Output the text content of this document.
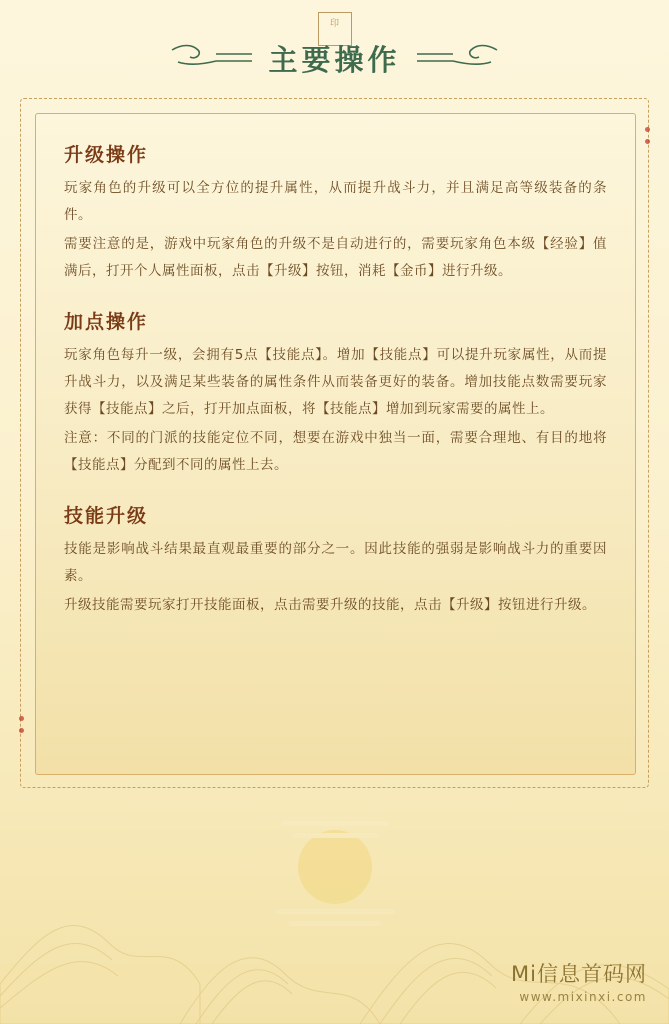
印
主要操作
升级操作

玩家角色的升级可以全方位的提升属性，从而提升战斗力，并且满足高等级装备的条件。

需要注意的是，游戏中玩家角色的升级不是自动进行的，需要玩家角色本级【经验】值满后，打开个人属性面板，点击【升级】按钮，消耗【金币】进行升级。

加点操作

玩家角色每升一级，会拥有5点【技能点】。增加【技能点】可以提升玩家属性，从而提升战斗力，以及满足某些装备的属性条件从而装备更好的装备。增加技能点数需要玩家获得【技能点】之后，打开加点面板，将【技能点】增加到玩家需要的属性上。

注意：不同的门派的技能定位不同，想要在游戏中独当一面，需要合理地、有目的地将【技能点】分配到不同的属性上去。

技能升级

技能是影响战斗结果最直观最重要的部分之一。因此技能的强弱是影响战斗力的重要因素。

升级技能需要玩家打开技能面板，点击需要升级的技能，点击【升级】按钮进行升级。

Mi信息首码网
www.mixinxi.com
